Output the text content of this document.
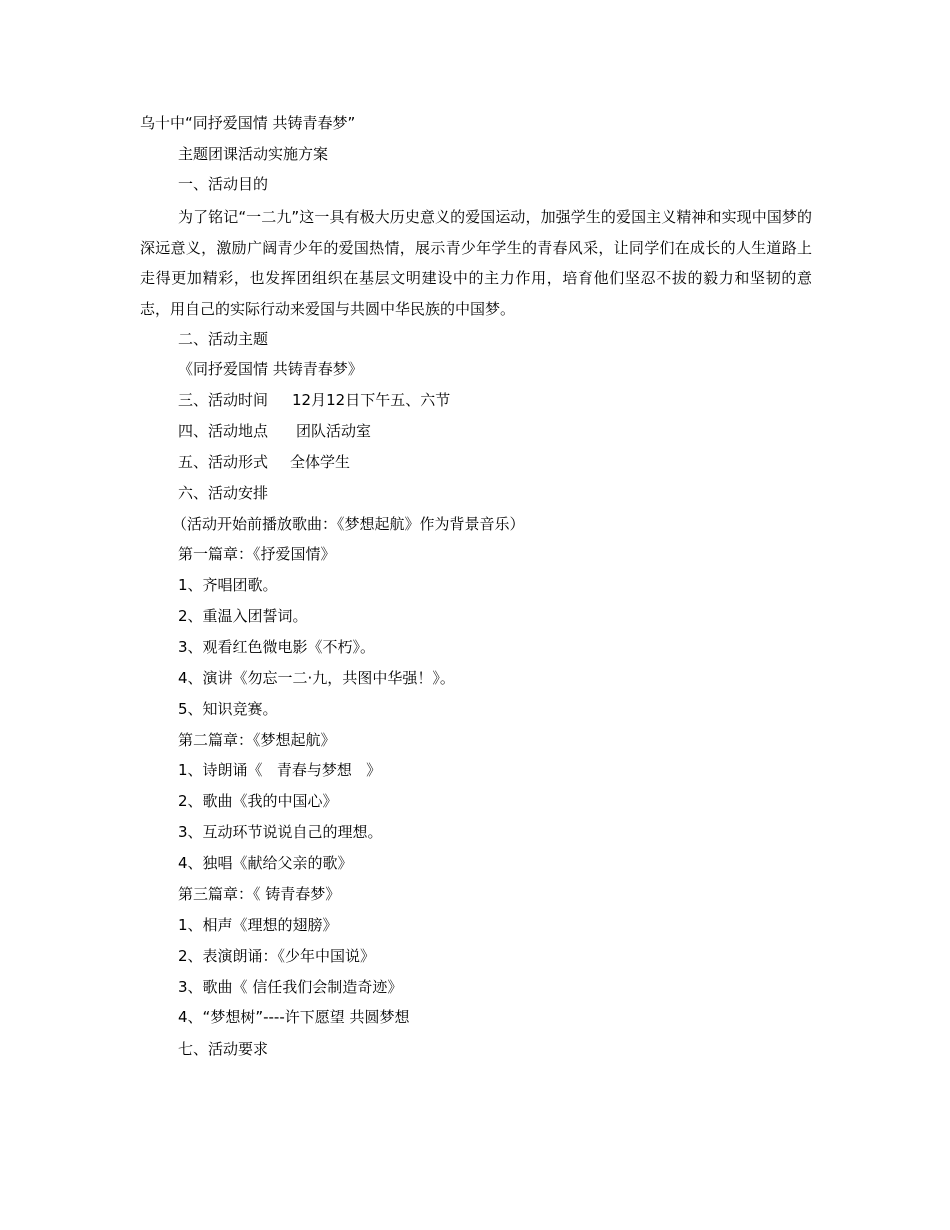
乌十中“同抒爱国情 共铸青春梦”
主题团课活动实施方案
一、活动目的
为了铭记“一二九”这一具有极大历史意义的爱国运动，加强学生的爱国主义精神和实现中国梦的深远意义，激励广阔青少年的爱国热情，展示青少年学生的青春风采，让同学们在成长的人生道路上走得更加精彩，也发挥团组织在基层文明建设中的主力作用，培育他们坚忍不拔的毅力和坚韧的意志，用自己的实际行动来爱国与共圆中华民族的中国梦。
二、活动主题
《同抒爱国情 共铸青春梦》
三、活动时间 12月12日下午五、六节
四、活动地点 团队活动室
五、活动形式 全体学生
六、活动安排
（活动开始前播放歌曲：《梦想起航》作为背景音乐）
第一篇章：《抒爱国情》
1、齐唱团歌。
2、重温入团誓词。
3、观看红色微电影《不朽》。
4、演讲《勿忘一二·九，共图中华强！》。
5、知识竞赛。
第二篇章：《梦想起航》
1、诗朗诵《   青春与梦想   》
2、歌曲《我的中国心》
3、互动环节说说自己的理想。
4、独唱《献给父亲的歌》
第三篇章：《 铸青春梦》
1、相声《理想的翅膀》
2、表演朗诵：《少年中国说》
3、歌曲《 信任我们会制造奇迹》
4、“梦想树”----许下愿望 共圆梦想
七、活动要求
